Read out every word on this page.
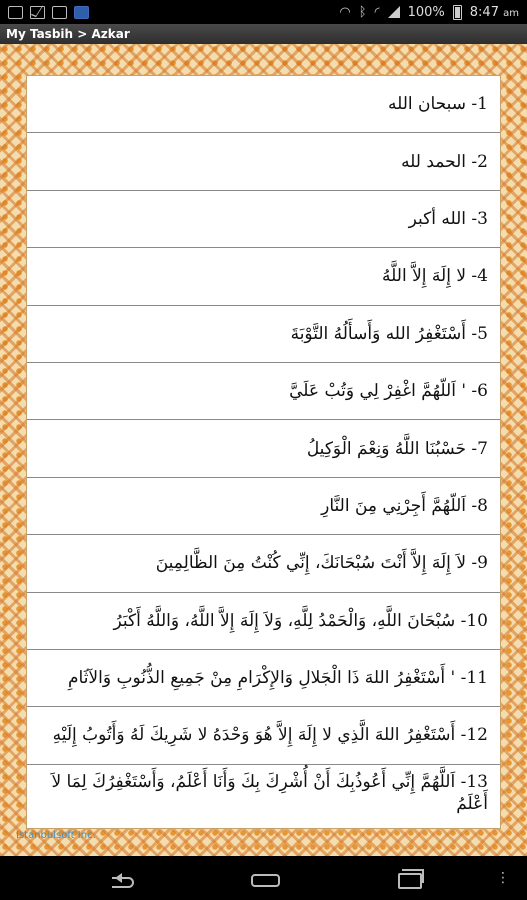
◠ ᛒ ◜ 100% 8:47 am
My Tasbih > Azkar
1- سبحان الله
2- الحمد لله
3- الله أكبر
4- لا إِلَهَ إِلاَّ اللَّهُ
5- أَسْتَغْفِرُ الله وَأَسأَلُهُ التَّوْبَةَ
6- ' اَللّهُمَّ اغْفِرْ لِي وَتُبْ عَلَيَّ
7- حَسْبُنَا اللَّهُ وَنِعْمَ الْوَكِيلُ
8- اَللّهُمَّ أَجِرْنِي مِنَ النَّارِ
9- لاَ إِلَهَ إِلاَّ أَنْتَ سُبْحَانَكَ، إِنِّي كُنْتُ مِنَ الظَّالِمِينَ
10- سُبْحَانَ اللَّهِ، وَالْحَمْدُ لِلَّهِ، وَلاَ إِلَهَ إِلاَّ اللَّهُ، وَاللَّهُ أَكْبَرُ
11- ' أَسْتَغْفِرُ اللهَ ذَا الْجَلالِ وَالإِكْرَامِ مِنْ جَمِيعِ الذُّنُوبِ وَالآثَامِ
12- أَسْتَغْفِرُ اللهَ الَّذِي لا إِلَهَ إِلاَّ هُوَ وَحْدَهُ لا شَرِيكَ لَهُ وَأَتُوبُ إِلَيْهِ
13- اَللَّهُمَّ إِنِّي أَعُوذُبِكَ أَنْ أُشْرِكَ بِكَ وَأَنَا أَعْلَمُ، وَأَسْتَغْفِرُكَ لِمَا لاَ أَعْلَمُ
Istanbulsoft Inc.
⋮
